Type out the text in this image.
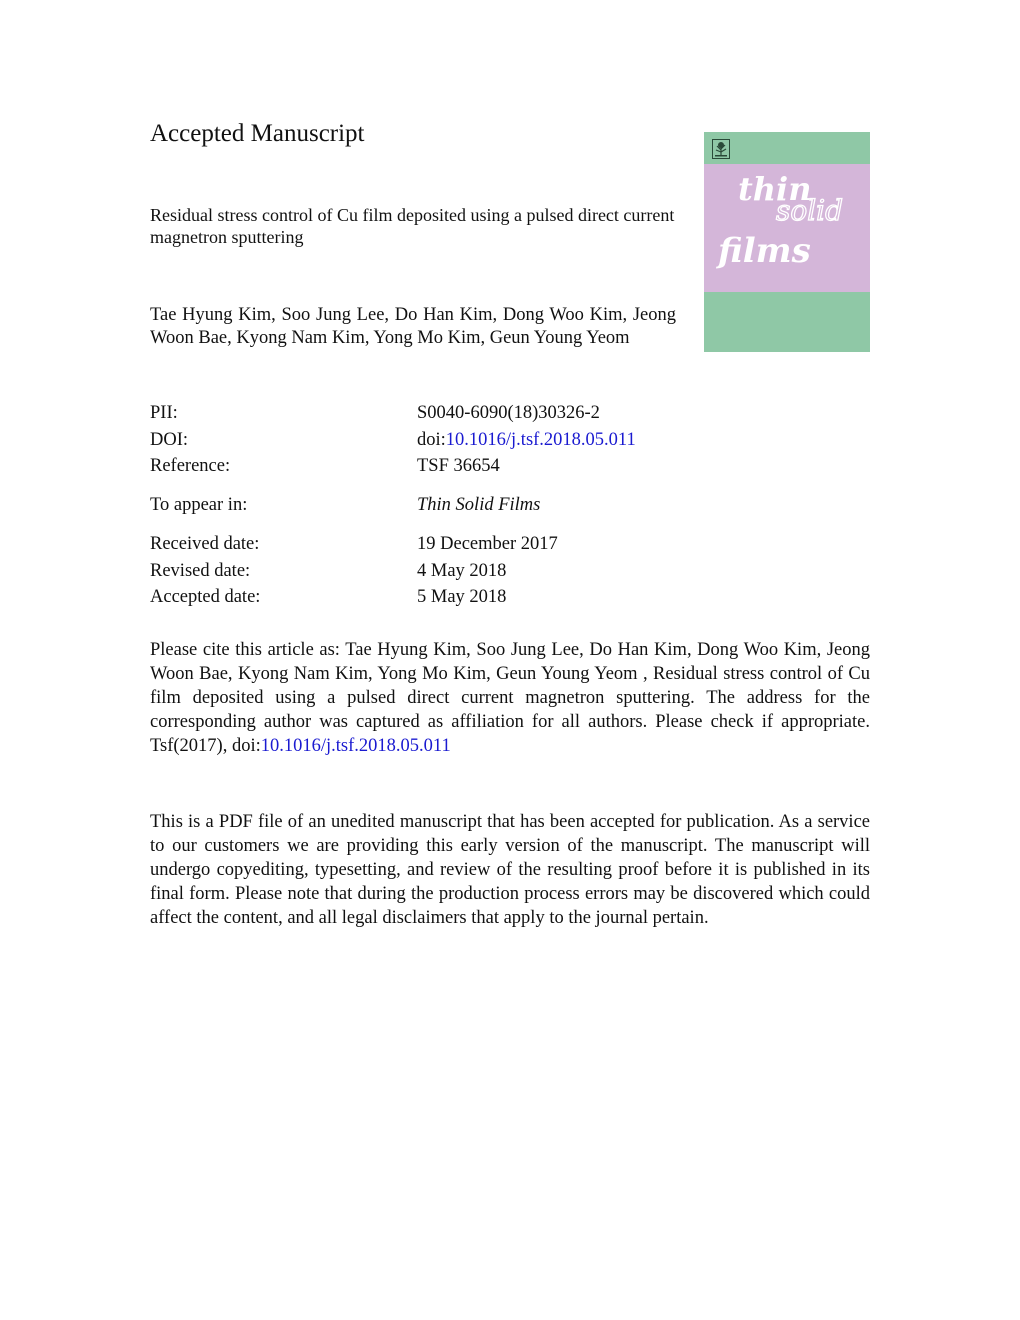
Accepted Manuscript
Residual stress control of Cu film deposited using a pulsed direct current magnetron sputtering
Tae Hyung Kim, Soo Jung Lee, Do Han Kim, Dong Woo Kim, Jeong Woon Bae, Kyong Nam Kim, Yong Mo Kim, Geun Young Yeom
thin
solid
films
PII:	S0040-6090(18)30326-2
DOI:	doi:10.1016/j.tsf.2018.05.011
Reference:	TSF 36654
To appear in:	Thin Solid Films
Received date:	19 December 2017
Revised date:	4 May 2018
Accepted date:	5 May 2018
Please cite this article as: Tae Hyung Kim, Soo Jung Lee, Do Han Kim, Dong Woo Kim, Jeong Woon Bae, Kyong Nam Kim, Yong Mo Kim, Geun Young Yeom , Residual stress control of Cu film deposited using a pulsed direct current magnetron sputtering. The address for the corresponding author was captured as affiliation for all authors. Please check if appropriate. Tsf(2017), doi:10.1016/j.tsf.2018.05.011
This is a PDF file of an unedited manuscript that has been accepted for publication. As a service to our customers we are providing this early version of the manuscript. The manuscript will undergo copyediting, typesetting, and review of the resulting proof before it is published in its final form. Please note that during the production process errors may be discovered which could affect the content, and all legal disclaimers that apply to the journal pertain.
